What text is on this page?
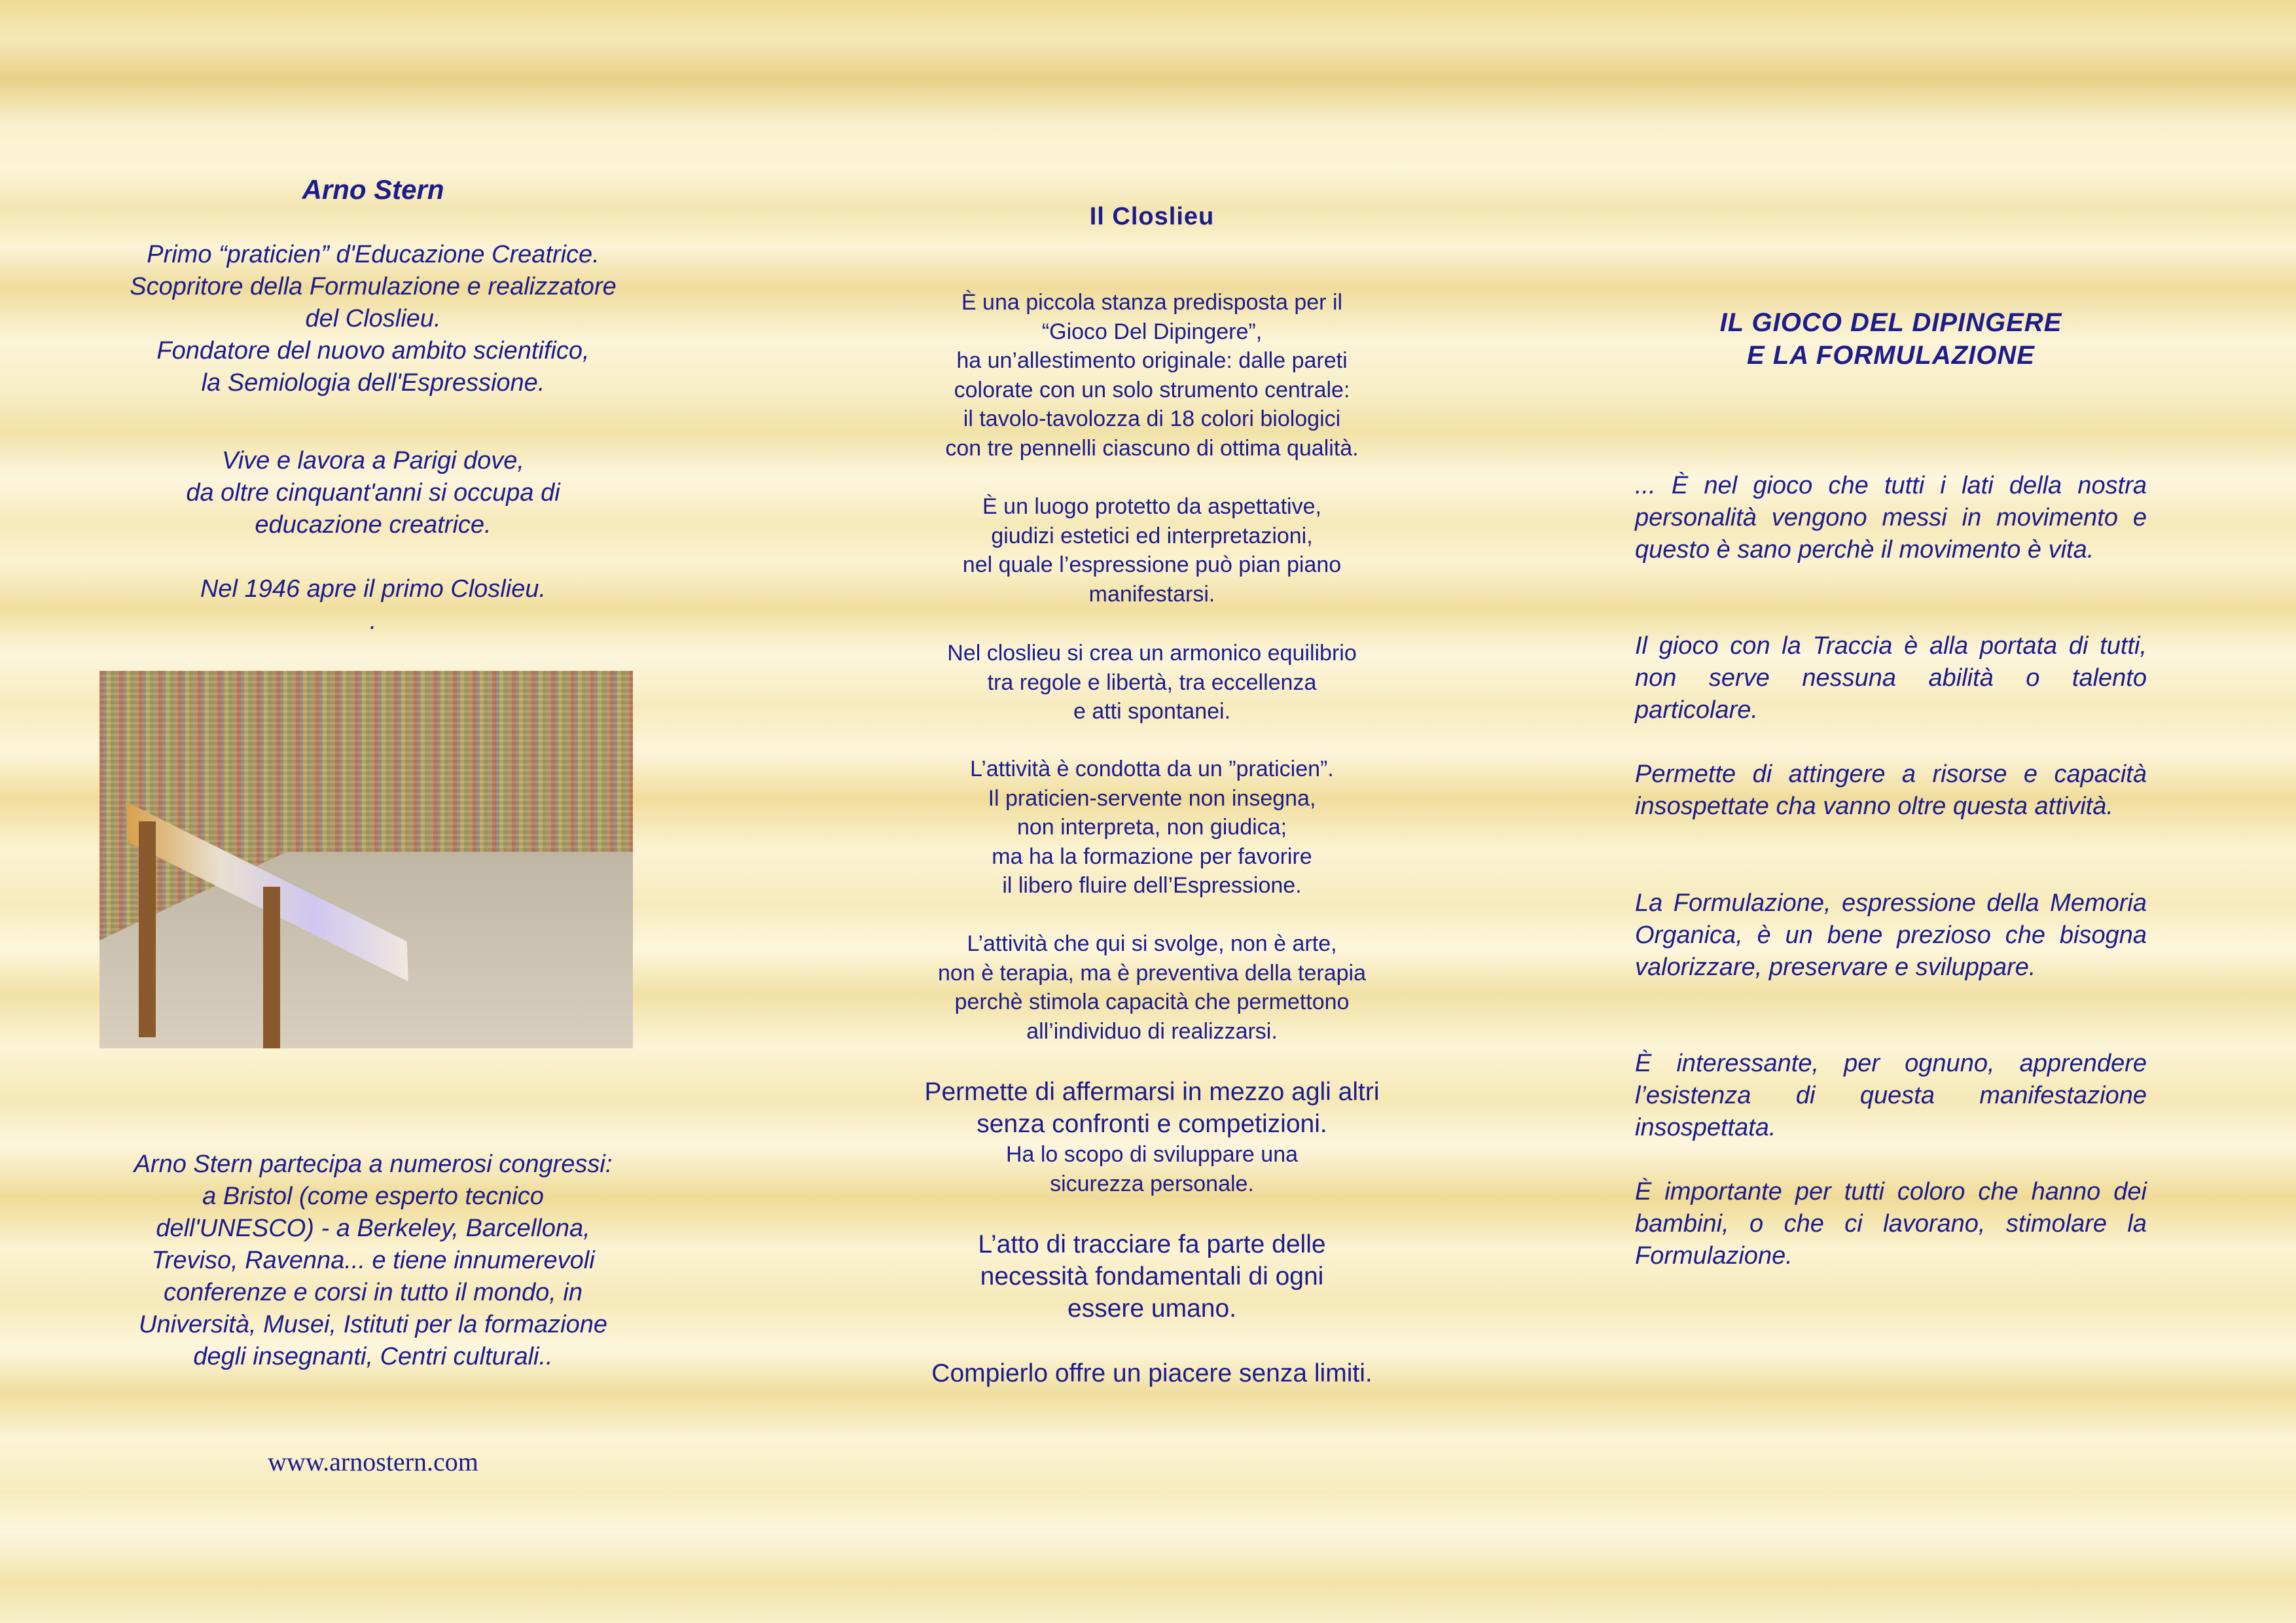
Arno Stern

Primo “praticien” d'Educazione Creatrice.
Scopritore della Formulazione e realizzatore
del Closlieu.
Fondatore del nuovo ambito scientifico,
la Semiologia dell'Espressione.

Vive e lavora a Parigi dove,
da oltre cinquant'anni si occupa di
educazione creatrice.

Nel 1946 apre il primo Closlieu.
.

Arno Stern partecipa a numerosi congressi:
a Bristol (come esperto tecnico
dell'UNESCO) - a Berkeley, Barcellona,
Treviso, Ravenna... e tiene innumerevoli
conferenze e corsi in tutto il mondo, in
Università, Musei, Istituti per la formazione
degli insegnanti, Centri culturali..

www.arnostern.com

Il Closlieu

È una piccola stanza predisposta per il
“Gioco Del Dipingere”,
ha un’allestimento originale: dalle pareti
colorate con un solo strumento centrale:
il tavolo-tavolozza di 18 colori biologici
con tre pennelli ciascuno di ottima qualità.

È un luogo protetto da aspettative,
giudizi estetici ed interpretazioni,
nel quale l’espressione può pian piano
manifestarsi.

Nel closlieu si crea un armonico equilibrio
tra regole e libertà, tra eccellenza
e atti spontanei.

L’attività è condotta da un ”praticien”.
Il praticien-servente non insegna,
non interpreta, non giudica;
ma ha la formazione per favorire
il libero fluire dell’Espressione.

L’attività che qui si svolge, non è arte,
non è terapia, ma è preventiva della terapia
perchè stimola capacità che permettono
all’individuo di realizzarsi.

Permette di affermarsi in mezzo agli altri
senza confronti e competizioni.

Ha lo scopo di sviluppare una
sicurezza personale.

L’atto di tracciare fa parte delle
necessità fondamentali di ogni
essere umano.

Compierlo offre un piacere senza limiti.

IL GIOCO DEL DIPINGERE
E LA FORMULAZIONE

... È nel gioco che tutti i lati della nostra personalità vengono messi in movimento e questo è sano perchè il movimento è vita.

Il gioco con la Traccia è alla portata di tutti, non serve nessuna abilità o talento particolare.

Permette di attingere a risorse e capacità insospettate cha vanno oltre questa attività.

La Formulazione, espressione della Memoria Organica, è un bene prezioso che bisogna valorizzare, preservare e sviluppare.

È interessante, per ognuno, apprendere l’esistenza di questa manifestazione insospettata.

È importante per tutti coloro che hanno dei bambini, o che ci lavorano, stimolare la Formulazione.
